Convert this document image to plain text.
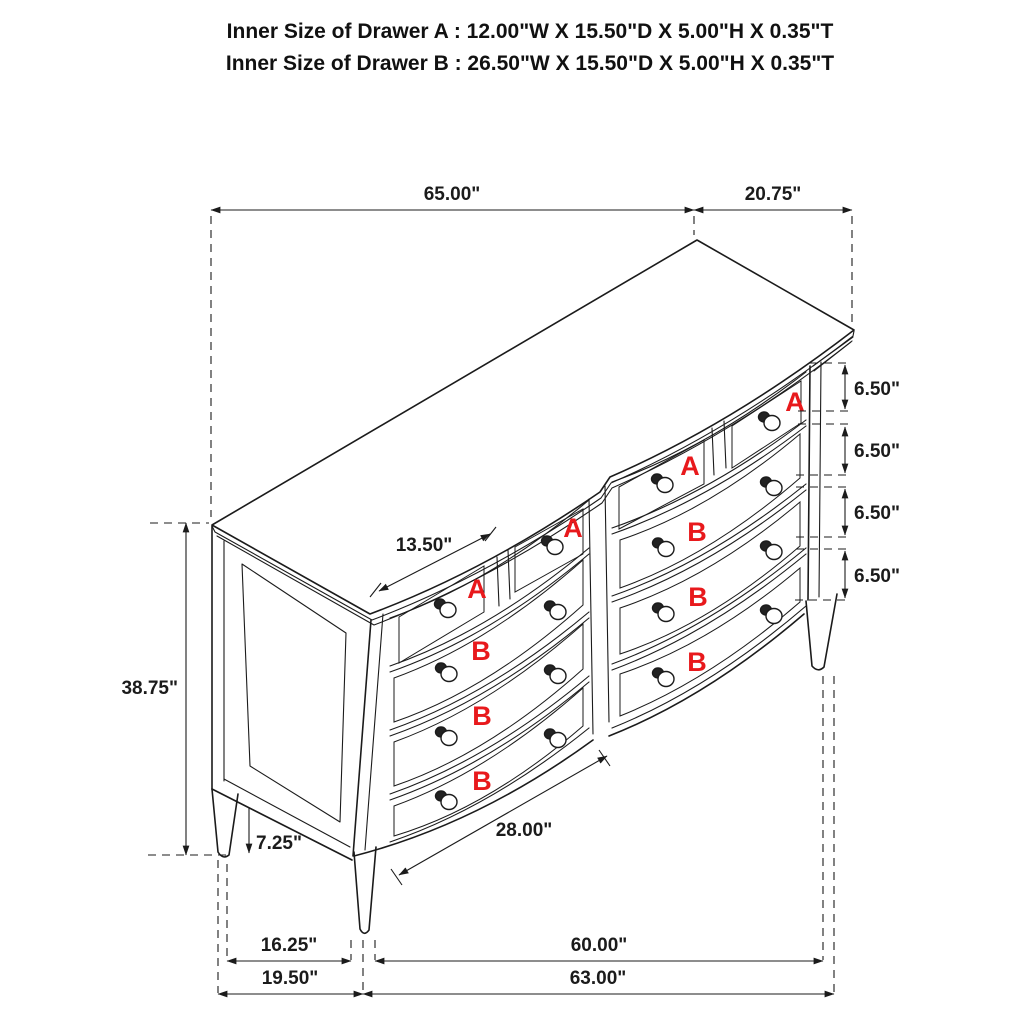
Inner Size of Drawer A : 12.00"W X 15.50"D X 5.00"H X 0.35"T
Inner Size of Drawer B : 26.50"W X 15.50"D X 5.00"H X 0.35"T
A
A
A
A
B
B
B
B
B
B
65.00"	20.75"
6.50"
6.50"
6.50"
6.50"
38.75"
7.25"
13.50"
28.00"
16.25"	60.00"
19.50"	63.00"
